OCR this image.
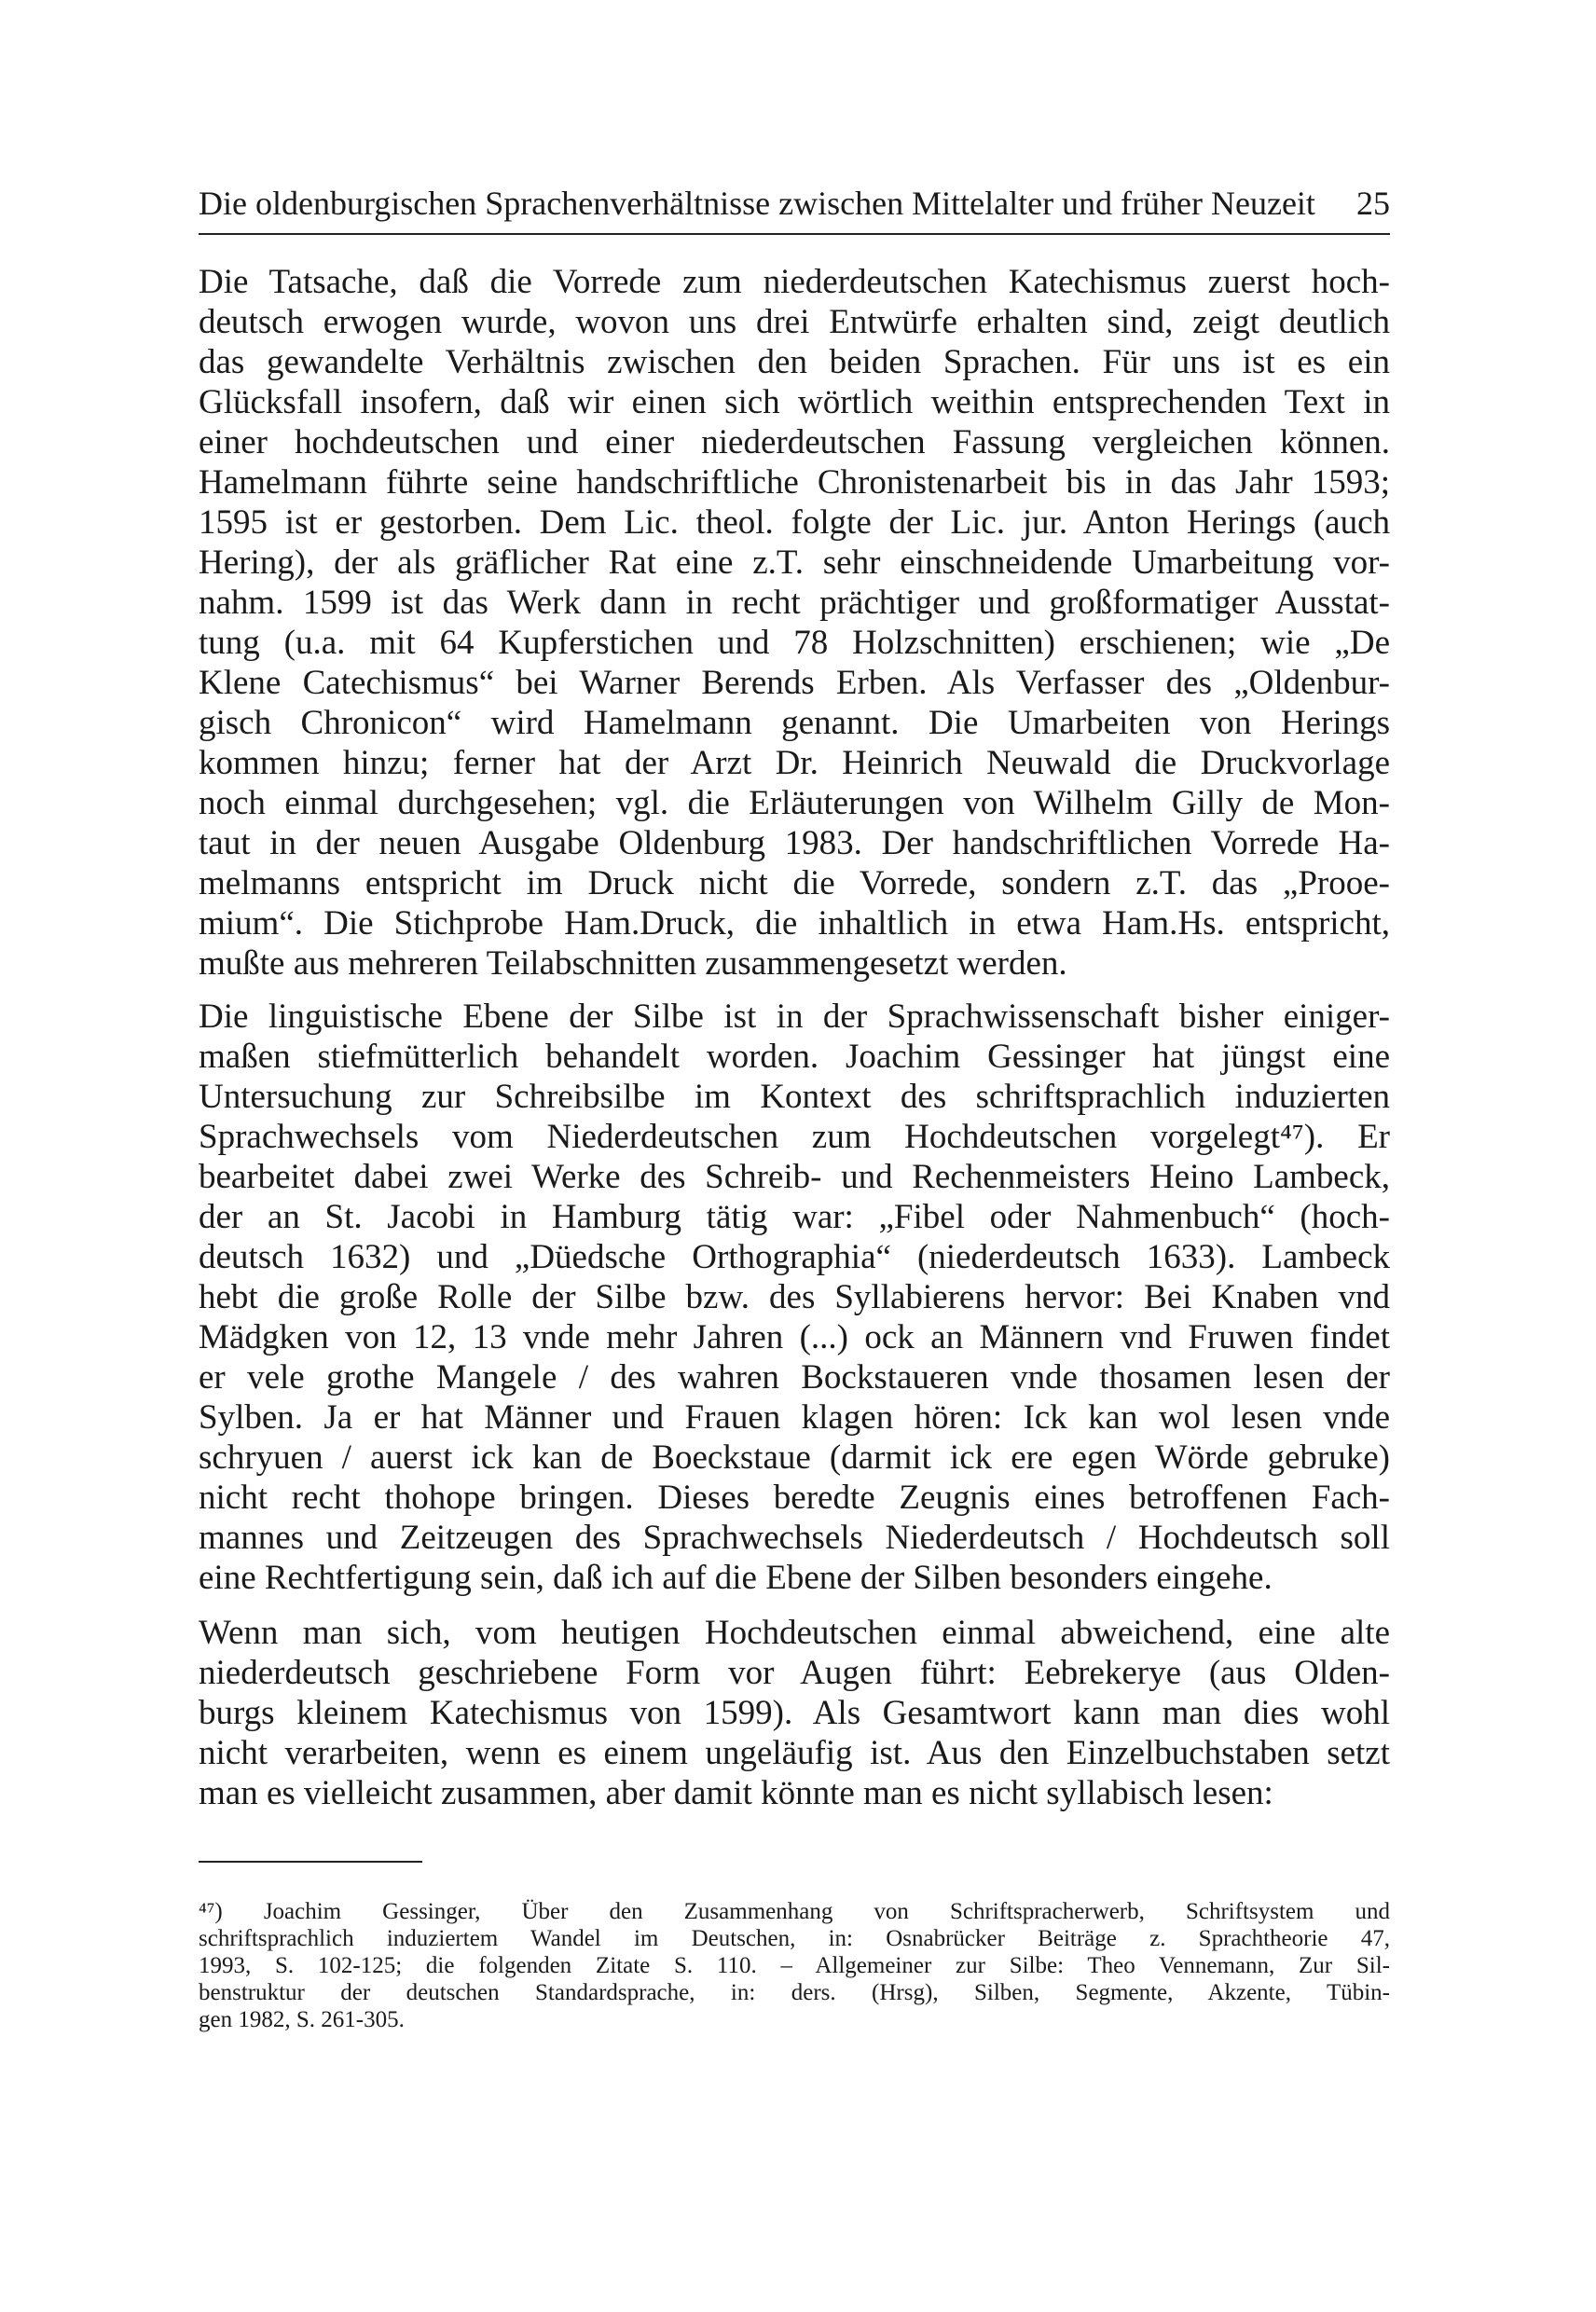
Die oldenburgischen Sprachenverhältnisse zwischen Mittelalter und früher Neuzeit 25
Die Tatsache, daß die Vorrede zum niederdeutschen Katechismus zuerst hoch-
deutsch erwogen wurde, wovon uns drei Entwürfe erhalten sind, zeigt deutlich
das gewandelte Verhältnis zwischen den beiden Sprachen. Für uns ist es ein
Glücksfall insofern, daß wir einen sich wörtlich weithin entsprechenden Text in
einer hochdeutschen und einer niederdeutschen Fassung vergleichen können.
Hamelmann führte seine handschriftliche Chronistenarbeit bis in das Jahr 1593;
1595 ist er gestorben. Dem Lic. theol. folgte der Lic. jur. Anton Herings (auch
Hering), der als gräflicher Rat eine z.T. sehr einschneidende Umarbeitung vor-
nahm. 1599 ist das Werk dann in recht prächtiger und großformatiger Ausstat-
tung (u.a. mit 64 Kupferstichen und 78 Holzschnitten) erschienen; wie „De
Klene Catechismus“ bei Warner Berends Erben. Als Verfasser des „Oldenbur-
gisch Chronicon“ wird Hamelmann genannt. Die Umarbeiten von Herings
kommen hinzu; ferner hat der Arzt Dr. Heinrich Neuwald die Druckvorlage
noch einmal durchgesehen; vgl. die Erläuterungen von Wilhelm Gilly de Mon-
taut in der neuen Ausgabe Oldenburg 1983. Der handschriftlichen Vorrede Ha-
melmanns entspricht im Druck nicht die Vorrede, sondern z.T. das „Prooe-
mium“. Die Stichprobe Ham.Druck, die inhaltlich in etwa Ham.Hs. entspricht,
mußte aus mehreren Teilabschnitten zusammengesetzt werden.
Die linguistische Ebene der Silbe ist in der Sprachwissenschaft bisher einiger-
maßen stiefmütterlich behandelt worden. Joachim Gessinger hat jüngst eine
Untersuchung zur Schreibsilbe im Kontext des schriftsprachlich induzierten
Sprachwechsels vom Niederdeutschen zum Hochdeutschen vorgelegt⁴⁷). Er
bearbeitet dabei zwei Werke des Schreib- und Rechenmeisters Heino Lambeck,
der an St. Jacobi in Hamburg tätig war: „Fibel oder Nahmenbuch“ (hoch-
deutsch 1632) und „Düedsche Orthographia“ (niederdeutsch 1633). Lambeck
hebt die große Rolle der Silbe bzw. des Syllabierens hervor: Bei Knaben vnd
Mädgken von 12, 13 vnde mehr Jahren (...) ock an Männern vnd Fruwen findet
er vele grothe Mangele / des wahren Bockstaueren vnde thosamen lesen der
Sylben. Ja er hat Männer und Frauen klagen hören: Ick kan wol lesen vnde
schryuen / auerst ick kan de Boeckstaue (darmit ick ere egen Wörde gebruke)
nicht recht thohope bringen. Dieses beredte Zeugnis eines betroffenen Fach-
mannes und Zeitzeugen des Sprachwechsels Niederdeutsch / Hochdeutsch soll
eine Rechtfertigung sein, daß ich auf die Ebene der Silben besonders eingehe.
Wenn man sich, vom heutigen Hochdeutschen einmal abweichend, eine alte
niederdeutsch geschriebene Form vor Augen führt: Eebrekerye (aus Olden-
burgs kleinem Katechismus von 1599). Als Gesamtwort kann man dies wohl
nicht verarbeiten, wenn es einem ungeläufig ist. Aus den Einzelbuchstaben setzt
man es vielleicht zusammen, aber damit könnte man es nicht syllabisch lesen:
⁴⁷) Joachim Gessinger, Über den Zusammenhang von Schriftspracherwerb, Schriftsystem und
schriftsprachlich induziertem Wandel im Deutschen, in: Osnabrücker Beiträge z. Sprachtheorie 47,
1993, S. 102-125; die folgenden Zitate S. 110. – Allgemeiner zur Silbe: Theo Vennemann, Zur Sil-
benstruktur der deutschen Standardsprache, in: ders. (Hrsg), Silben, Segmente, Akzente, Tübin-
gen 1982, S. 261-305.
